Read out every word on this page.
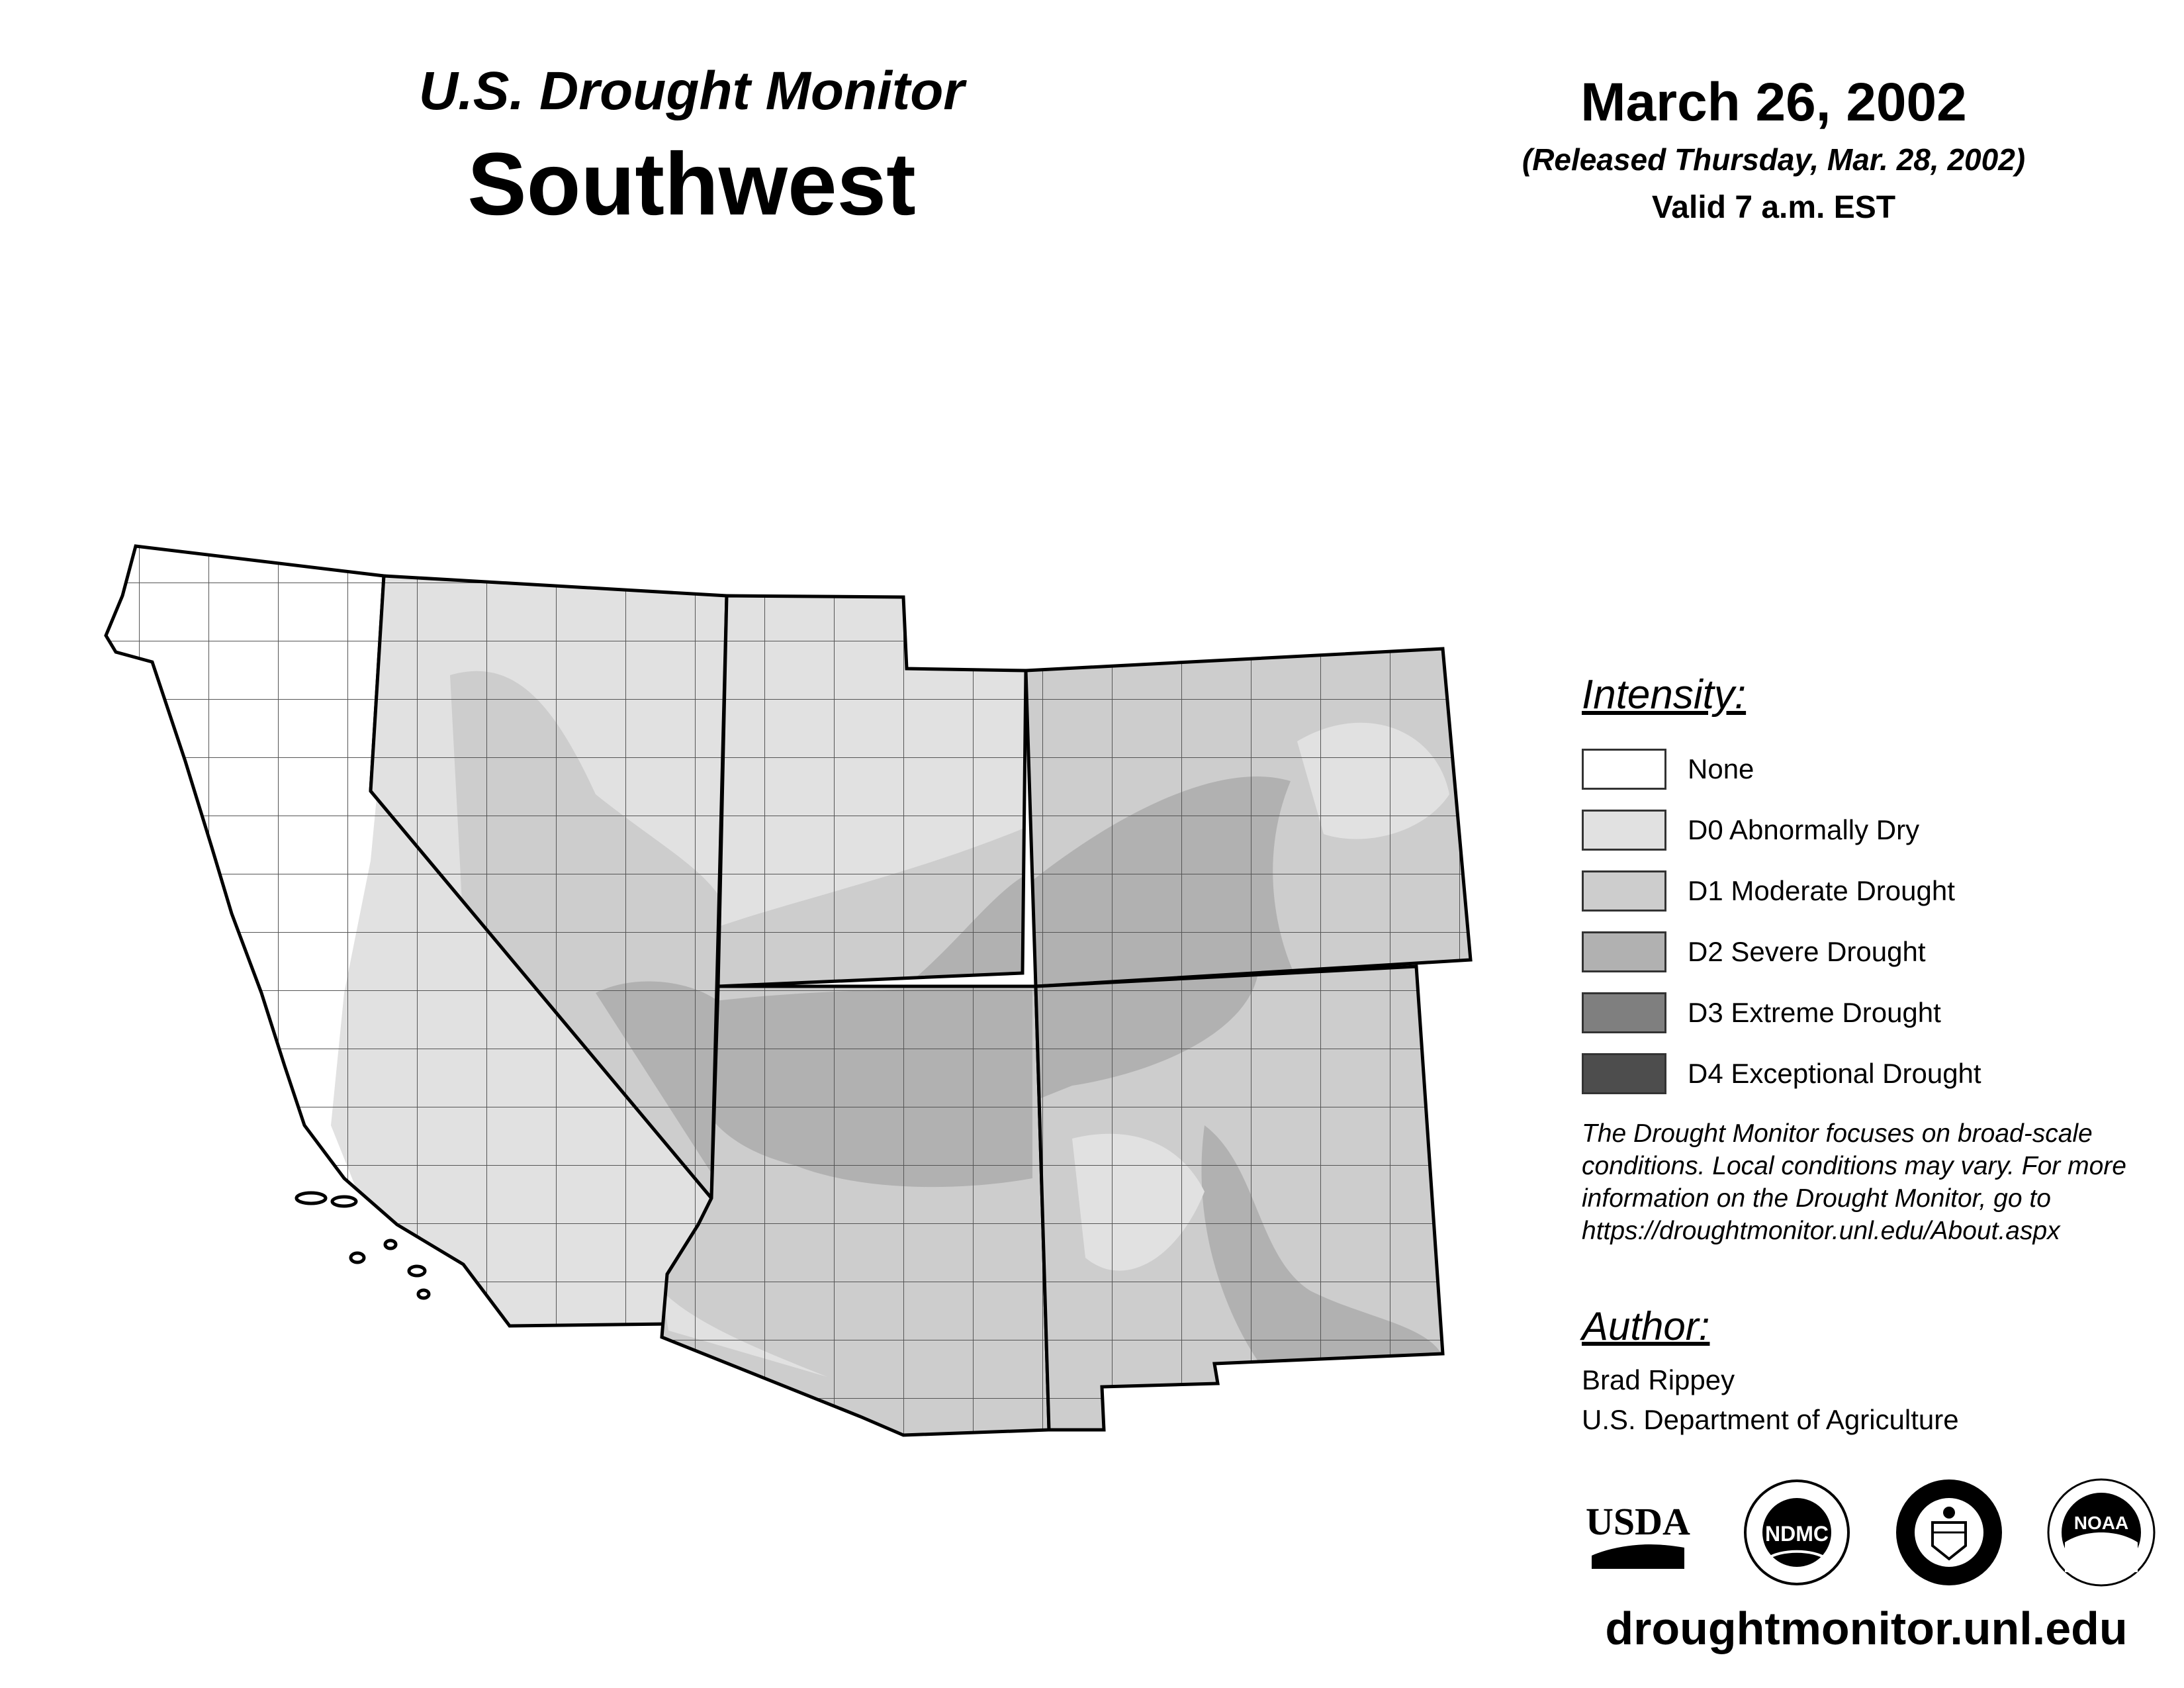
U.S. Drought Monitor
Southwest
March 26, 2002
(Released Thursday, Mar. 28, 2002)
Valid 7 a.m. EST
Intensity:
None
D0 Abnormally Dry
D1 Moderate Drought
D2 Severe Drought
D3 Extreme Drought
D4 Exceptional Drought
The Drought Monitor focuses on broad-scale conditions. Local conditions may vary. For more information on the Drought Monitor, go to https://droughtmonitor.unl.edu/About.aspx
Author:
Brad Rippey
U.S. Department of Agriculture
USDA	NDMC	NOAA
droughtmonitor.unl.edu
